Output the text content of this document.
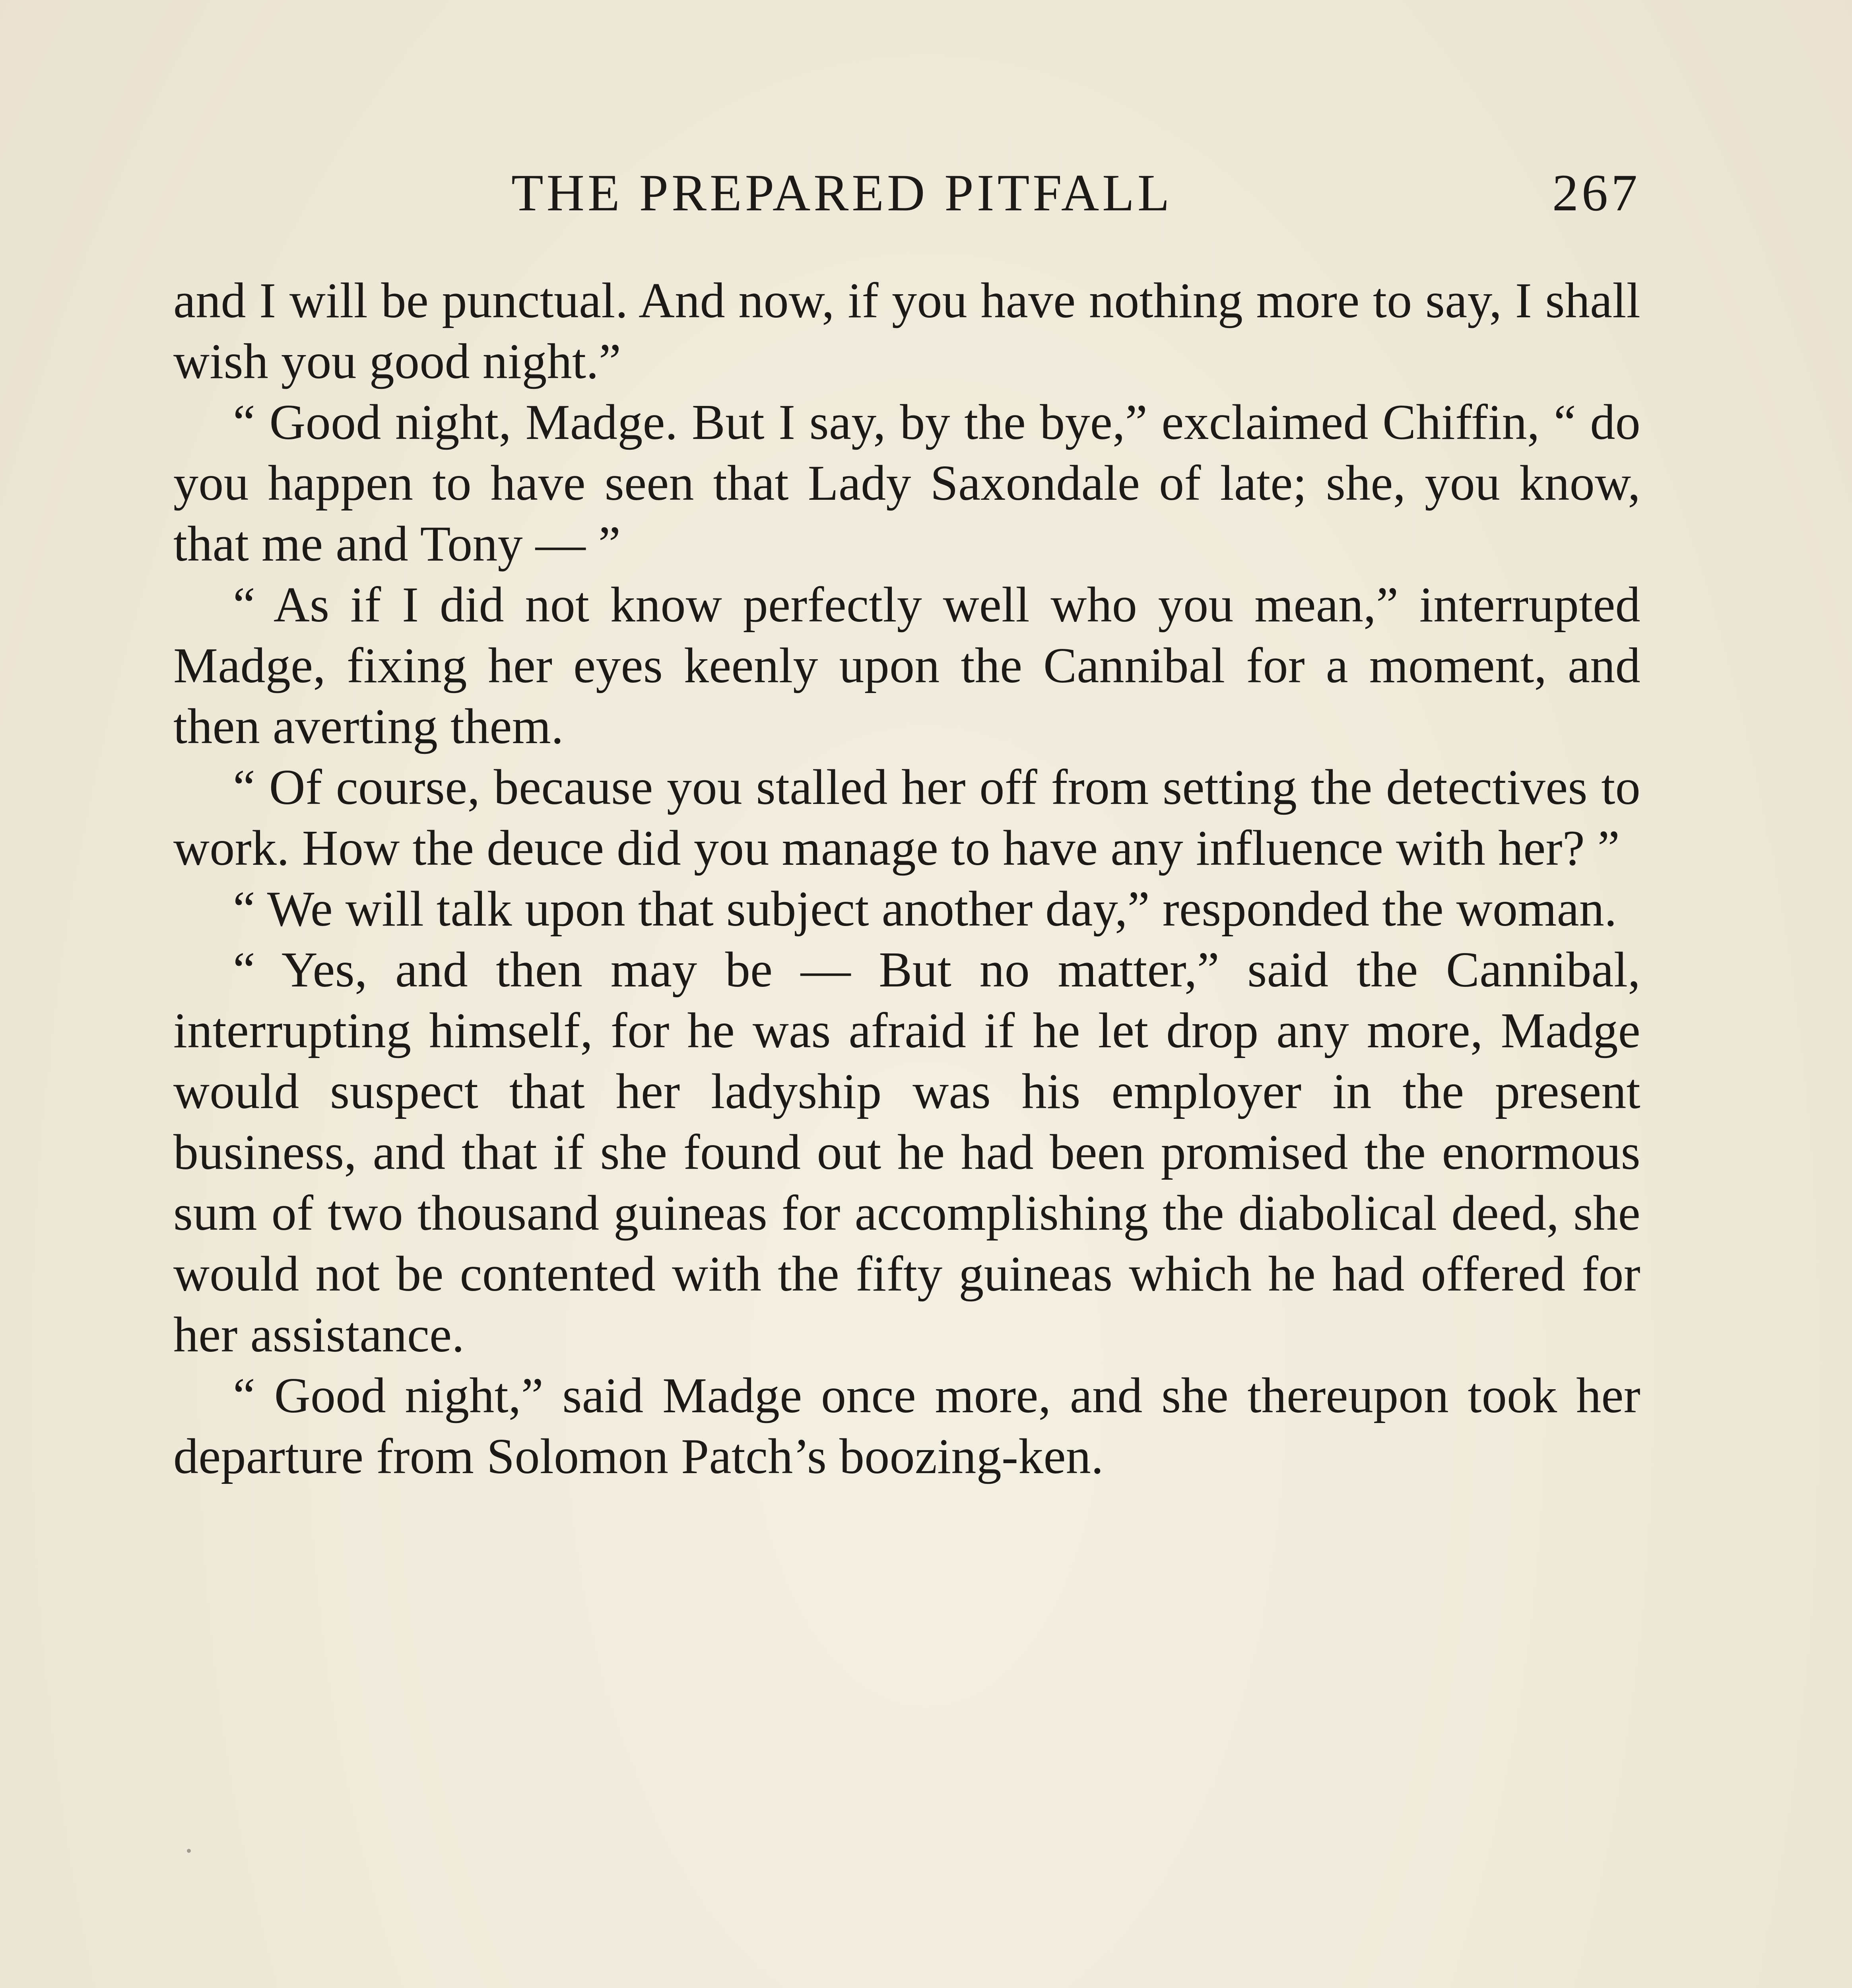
THE PREPARED PITFALL	267

and I will be punctual. And now, if you have nothing more to say, I shall wish you good night.”

“ Good night, Madge. But I say, by the bye,” exclaimed Chiffin, “ do you happen to have seen that Lady Saxondale of late; she, you know, that me and Tony — ”

“ As if I did not know perfectly well who you mean,” interrupted Madge, fixing her eyes keenly upon the Cannibal for a moment, and then averting them.

“ Of course, because you stalled her off from setting the detectives to work. How the deuce did you manage to have any influence with her? ”

“ We will talk upon that subject another day,” responded the woman.

“ Yes, and then may be — But no matter,” said the Cannibal, interrupting himself, for he was afraid if he let drop any more, Madge would suspect that her ladyship was his employer in the present business, and that if she found out he had been promised the enormous sum of two thousand guineas for accomplishing the diabolical deed, she would not be contented with the fifty guineas which he had offered for her assistance.

“ Good night,” said Madge once more, and she thereupon took her departure from Solomon Patch’s boozing-ken.
